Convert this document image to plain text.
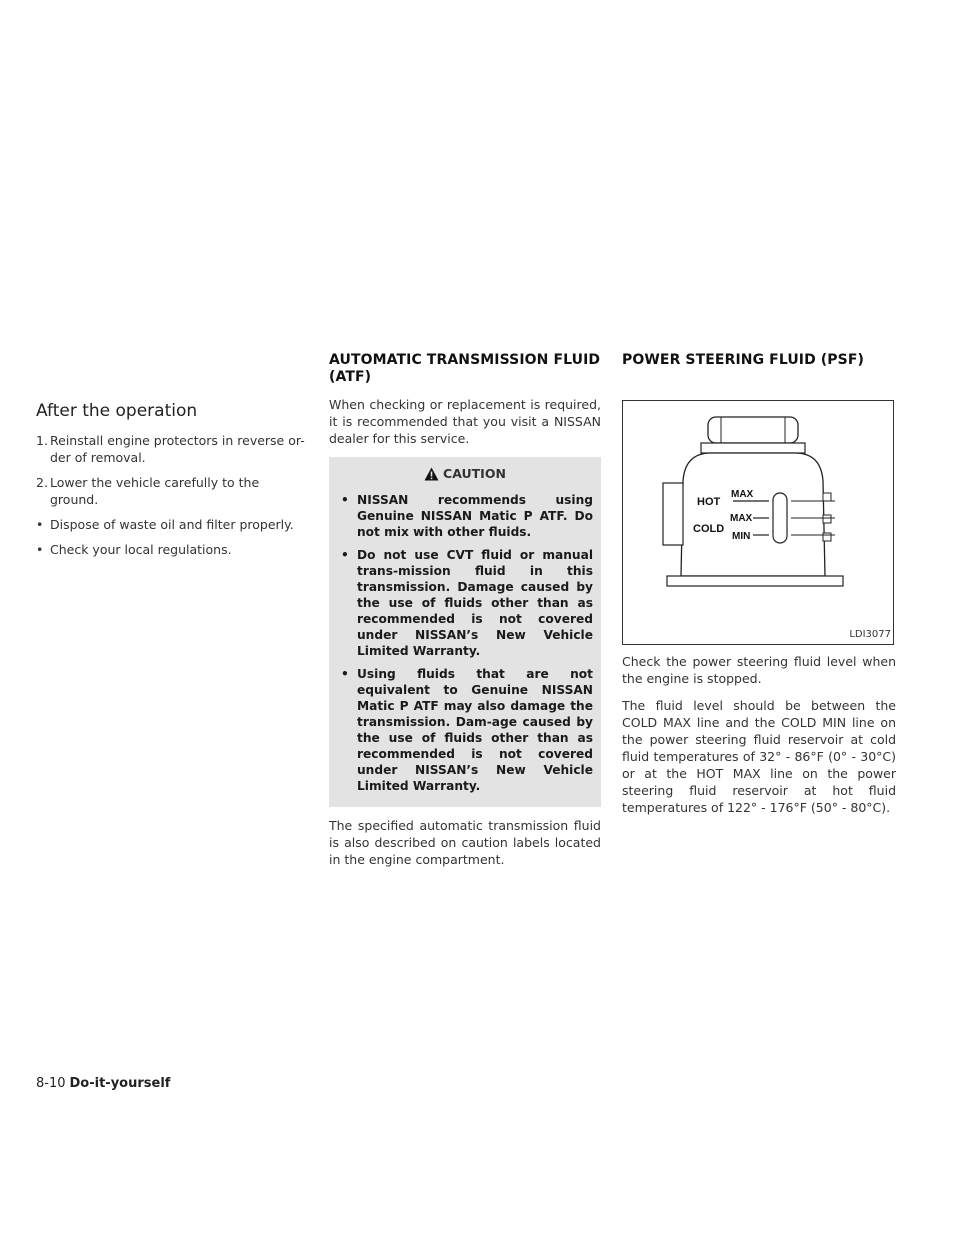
After the operation
1. Reinstall engine protectors in reverse or-der of removal.
2. Lower the vehicle carefully to the ground.
• Dispose of waste oil and filter properly.
• Check your local regulations.
AUTOMATIC TRANSMISSION FLUID (ATF)

When checking or replacement is required, it is recommended that you visit a NISSAN dealer for this service.

CAUTION
• NISSAN recommends using Genuine NISSAN Matic P ATF. Do not mix with other fluids.
• Do not use CVT fluid or manual trans-mission fluid in this transmission. Damage caused by the use of fluids other than as recommended is not covered under NISSAN’s New Vehicle Limited Warranty.
• Using fluids that are not equivalent to Genuine NISSAN Matic P ATF may also damage the transmission. Dam-age caused by the use of fluids other than as recommended is not covered under NISSAN’s New Vehicle Limited Warranty.

The specified automatic transmission fluid is also described on caution labels located in the engine compartment.

POWER STEERING FLUID (PSF)
HOT
MAX
COLD
MAX
MIN
LDI3077

Check the power steering fluid level when the engine is stopped.

The fluid level should be between the COLD MAX line and the COLD MIN line on the power steering fluid reservoir at cold fluid temperatures of 32° - 86°F (0° - 30°C) or at the HOT MAX line on the power steering fluid reservoir at hot fluid temperatures of 122° - 176°F (50° - 80°C).

8-10 Do-it-yourself
